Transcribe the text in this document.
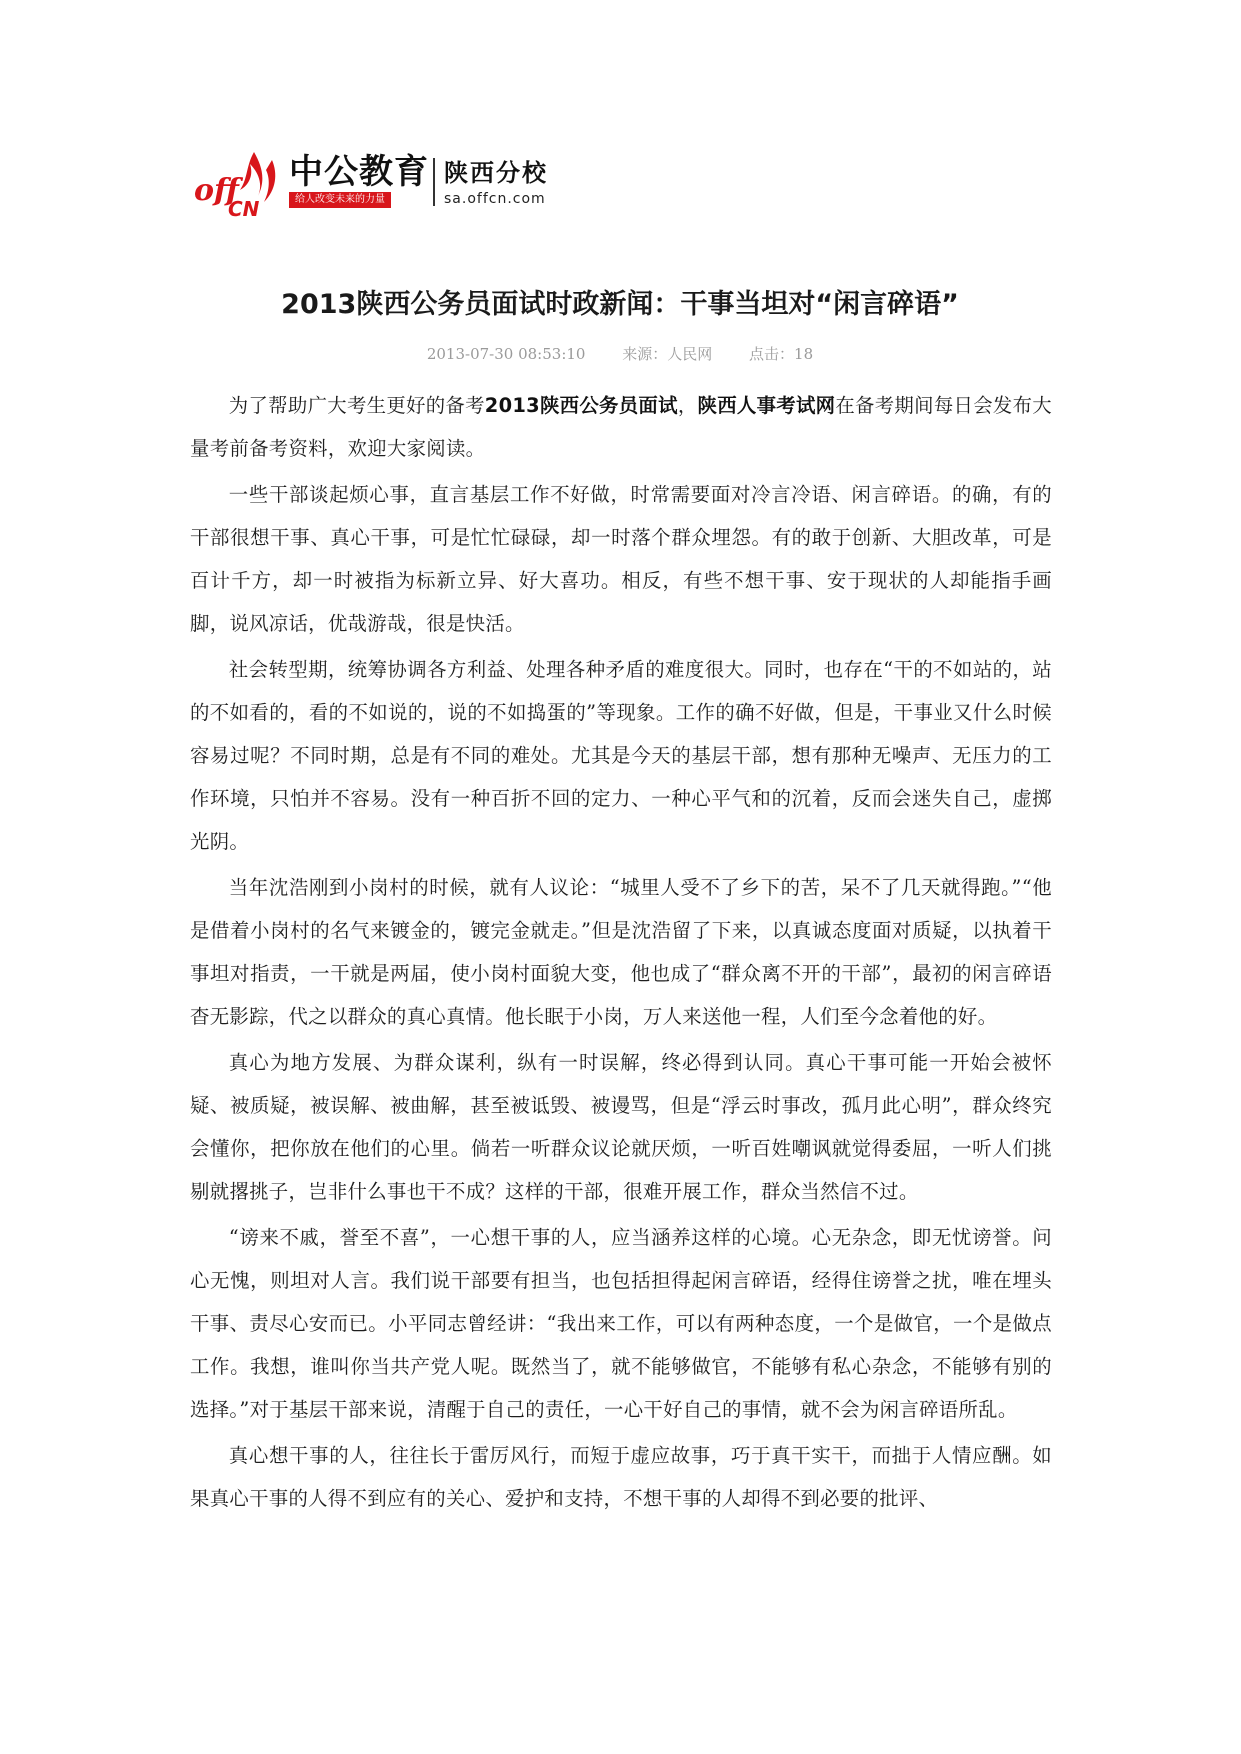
off
CN
中公教育
给人改变未来的力量
陕西分校
sa.offcn.com
2013陕西公务员面试时政新闻：干事当坦对“闲言碎语”
2013-07-30 08:53:10 来源：人民网 点击：18

为了帮助广大考生更好的备考2013陕西公务员面试，陕西人事考试网在备考期间每日会发布大量考前备考资料，欢迎大家阅读。

一些干部谈起烦心事，直言基层工作不好做，时常需要面对冷言冷语、闲言碎语。的确，有的干部很想干事、真心干事，可是忙忙碌碌，却一时落个群众埋怨。有的敢于创新、大胆改革，可是百计千方，却一时被指为标新立异、好大喜功。相反，有些不想干事、安于现状的人却能指手画脚，说风凉话，优哉游哉，很是快活。

社会转型期，统筹协调各方利益、处理各种矛盾的难度很大。同时，也存在“干的不如站的，站的不如看的，看的不如说的，说的不如捣蛋的”等现象。工作的确不好做，但是，干事业又什么时候容易过呢？不同时期，总是有不同的难处。尤其是今天的基层干部，想有那种无噪声、无压力的工作环境，只怕并不容易。没有一种百折不回的定力、一种心平气和的沉着，反而会迷失自己，虚掷光阴。

当年沈浩刚到小岗村的时候，就有人议论：“城里人受不了乡下的苦，呆不了几天就得跑。”“他是借着小岗村的名气来镀金的，镀完金就走。”但是沈浩留了下来，以真诚态度面对质疑，以执着干事坦对指责，一干就是两届，使小岗村面貌大变，他也成了“群众离不开的干部”，最初的闲言碎语杳无影踪，代之以群众的真心真情。他长眠于小岗，万人来送他一程，人们至今念着他的好。

真心为地方发展、为群众谋利，纵有一时误解，终必得到认同。真心干事可能一开始会被怀疑、被质疑，被误解、被曲解，甚至被诋毁、被谩骂，但是“浮云时事改，孤月此心明”，群众终究会懂你，把你放在他们的心里。倘若一听群众议论就厌烦，一听百姓嘲讽就觉得委屈，一听人们挑剔就撂挑子，岂非什么事也干不成？这样的干部，很难开展工作，群众当然信不过。

“谤来不戚，誉至不喜”，一心想干事的人，应当涵养这样的心境。心无杂念，即无忧谤誉。问心无愧，则坦对人言。我们说干部要有担当，也包括担得起闲言碎语，经得住谤誉之扰，唯在埋头干事、责尽心安而已。小平同志曾经讲：“我出来工作，可以有两种态度，一个是做官，一个是做点工作。我想，谁叫你当共产党人呢。既然当了，就不能够做官，不能够有私心杂念，不能够有别的选择。”对于基层干部来说，清醒于自己的责任，一心干好自己的事情，就不会为闲言碎语所乱。

真心想干事的人，往往长于雷厉风行，而短于虚应故事，巧于真干实干，而拙于人情应酬。如果真心干事的人得不到应有的关心、爱护和支持，不想干事的人却得不到必要的批评、
